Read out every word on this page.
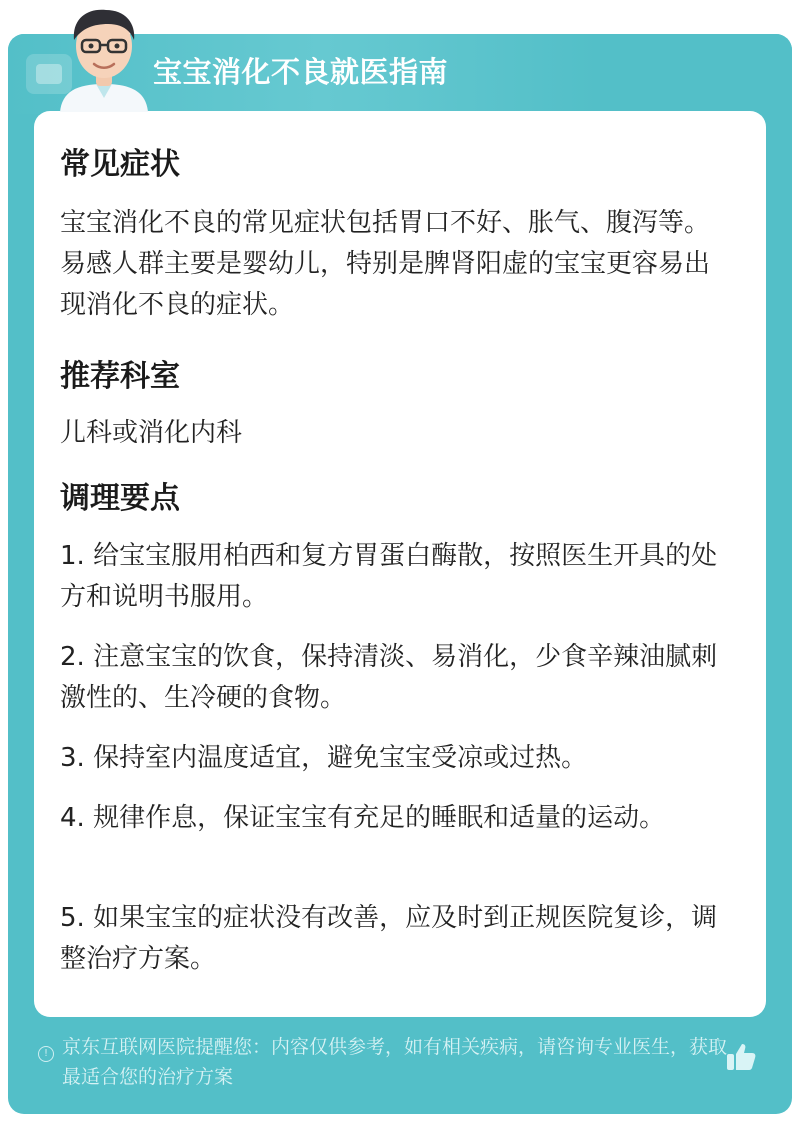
宝宝消化不良就医指南
常见症状
宝宝消化不良的常见症状包括胃口不好、胀气、腹泻等。易感人群主要是婴幼儿，特别是脾肾阳虚的宝宝更容易出现消化不良的症状。
推荐科室
儿科或消化内科
调理要点
1. 给宝宝服用柏西和复方胃蛋白酶散，按照医生开具的处方和说明书服用。
2. 注意宝宝的饮食，保持清淡、易消化，少食辛辣油腻刺激性的、生冷硬的食物。
3. 保持室内温度适宜，避免宝宝受凉或过热。
4. 规律作息，保证宝宝有充足的睡眠和适量的运动。
5. 如果宝宝的症状没有改善，应及时到正规医院复诊，调整治疗方案。
! 京东互联网医院提醒您：内容仅供参考，如有相关疾病，请咨询专业医生，获取最适合您的治疗方案
